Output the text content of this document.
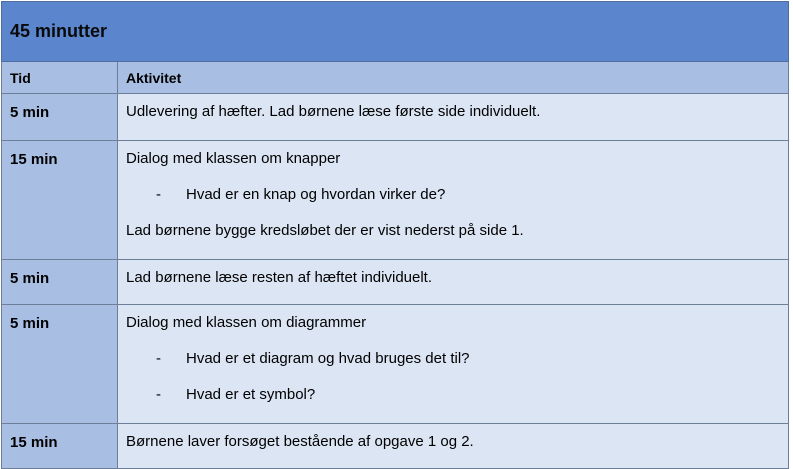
45 minutter	
Tid	Aktivitet
5 min	Udlevering af hæfter. Lad børnene læse første side individuelt.

15 min	Dialog med klassen om knapper
- Hvad er en knap og hvordan virker de?
Lad børnene bygge kredsløbet der er vist nederst på side 1.

5 min	Lad børnene læse resten af hæftet individuelt.

5 min	Dialog med klassen om diagrammer
- Hvad er et diagram og hvad bruges det til?
- Hvad er et symbol?

15 min	Børnene laver forsøget bestående af opgave 1 og 2.
